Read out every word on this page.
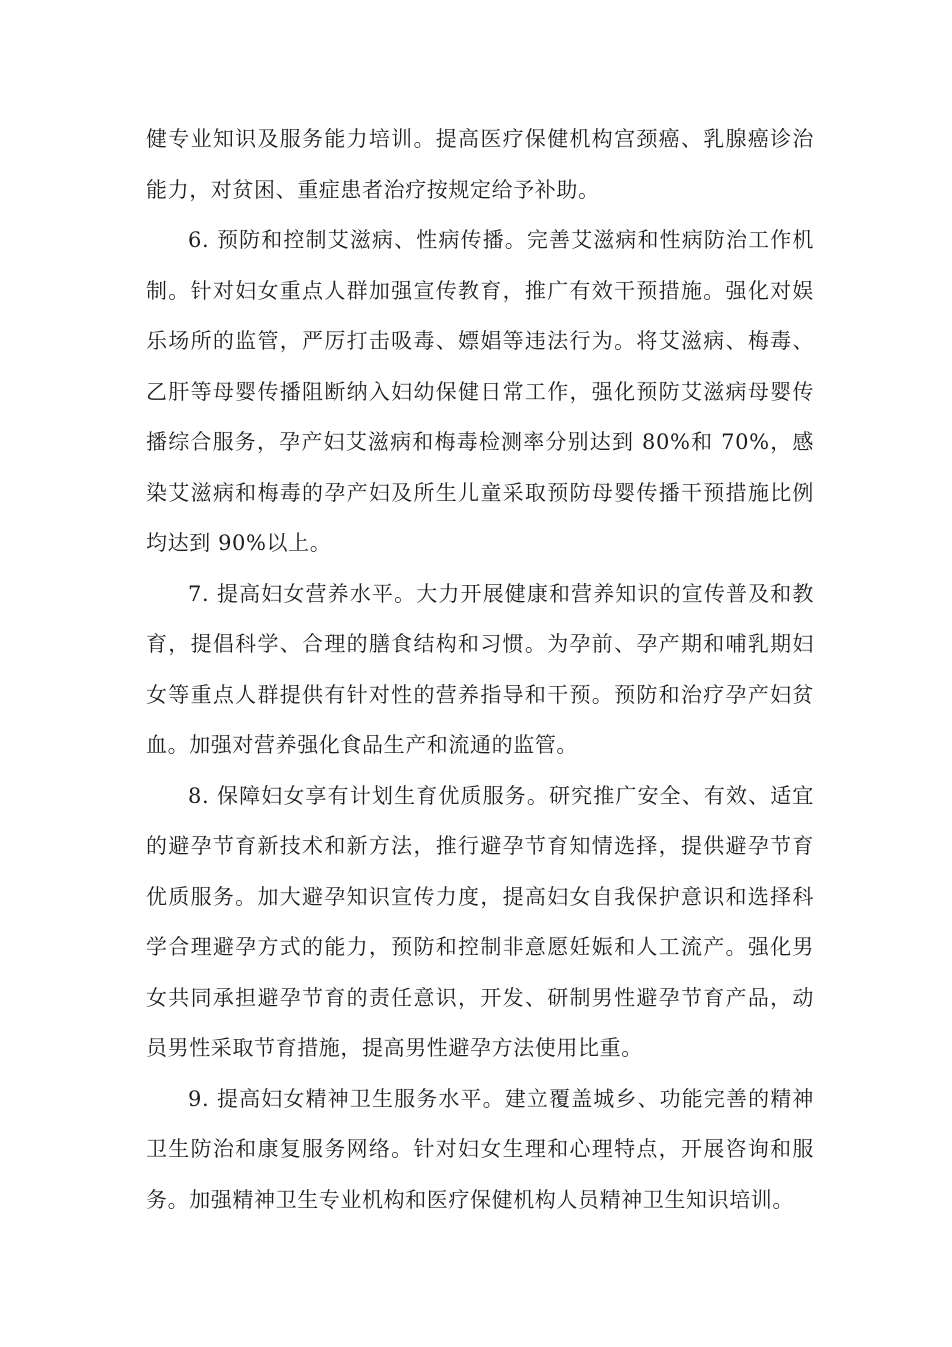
健专业知识及服务能力培训。提高医疗保健机构宫颈癌、乳腺癌诊治能力，对贫困、重症患者治疗按规定给予补助。

6. 预防和控制艾滋病、性病传播。完善艾滋病和性病防治工作机制。针对妇女重点人群加强宣传教育，推广有效干预措施。强化对娱乐场所的监管，严厉打击吸毒、嫖娼等违法行为。将艾滋病、梅毒、乙肝等母婴传播阻断纳入妇幼保健日常工作，强化预防艾滋病母婴传播综合服务，孕产妇艾滋病和梅毒检测率分别达到 80%和 70%，感染艾滋病和梅毒的孕产妇及所生儿童采取预防母婴传播干预措施比例均达到 90%以上。

7. 提高妇女营养水平。大力开展健康和营养知识的宣传普及和教育，提倡科学、合理的膳食结构和习惯。为孕前、孕产期和哺乳期妇女等重点人群提供有针对性的营养指导和干预。预防和治疗孕产妇贫血。加强对营养强化食品生产和流通的监管。

8. 保障妇女享有计划生育优质服务。研究推广安全、有效、适宜的避孕节育新技术和新方法，推行避孕节育知情选择，提供避孕节育优质服务。加大避孕知识宣传力度，提高妇女自我保护意识和选择科学合理避孕方式的能力，预防和控制非意愿妊娠和人工流产。强化男女共同承担避孕节育的责任意识，开发、研制男性避孕节育产品，动员男性采取节育措施，提高男性避孕方法使用比重。

9. 提高妇女精神卫生服务水平。建立覆盖城乡、功能完善的精神卫生防治和康复服务网络。针对妇女生理和心理特点，开展咨询和服务。加强精神卫生专业机构和医疗保健机构人员精神卫生知识培训。
